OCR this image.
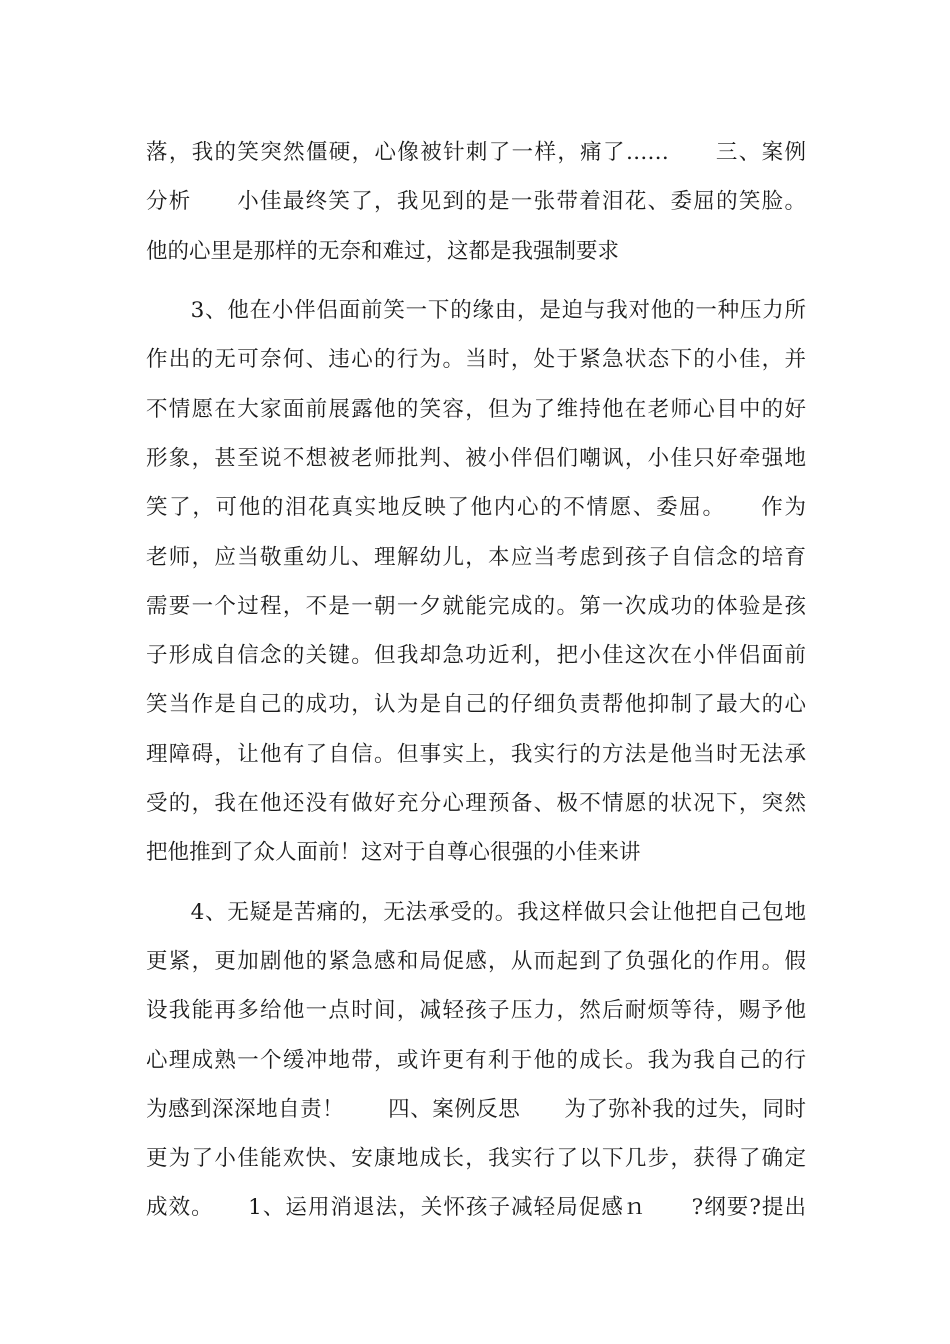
落，我的笑突然僵硬，心像被针刺了一样，痛了……　　三、案例
分析　　小佳最终笑了，我见到的是一张带着泪花、委屈的笑脸。
他的心里是那样的无奈和难过，这都是我强制要求
　　3、他在小伴侣面前笑一下的缘由，是迫与我对他的一种压力所
作出的无可奈何、违心的行为。当时，处于紧急状态下的小佳，并
不情愿在大家面前展露他的笑容，但为了维持他在老师心目中的好
形象，甚至说不想被老师批判、被小伴侣们嘲讽，小佳只好牵强地
笑了，可他的泪花真实地反映了他内心的不情愿、委屈。　　作为
老师，应当敬重幼儿、理解幼儿，本应当考虑到孩子自信念的培育
需要一个过程，不是一朝一夕就能完成的。第一次成功的体验是孩
子形成自信念的关键。但我却急功近利，把小佳这次在小伴侣面前
笑当作是自己的成功，认为是自己的仔细负责帮他抑制了最大的心
理障碍，让他有了自信。但事实上，我实行的方法是他当时无法承
受的，我在他还没有做好充分心理预备、极不情愿的状况下，突然
把他推到了众人面前！这对于自尊心很强的小佳来讲
　　4、无疑是苦痛的，无法承受的。我这样做只会让他把自己包地
更紧，更加剧他的紧急感和局促感，从而起到了负强化的作用。假
设我能再多给他一点时间，减轻孩子压力，然后耐烦等待，赐予他
心理成熟一个缓冲地带，或许更有利于他的成长。我为我自己的行
为感到深深地自责！　　四、案例反思　　为了弥补我的过失，同时
更为了小佳能欢快、安康地成长，我实行了以下几步，获得了确定
成效。　　1、运用消退法，关怀孩子减轻局促感ｎ　　?纲要?提出
